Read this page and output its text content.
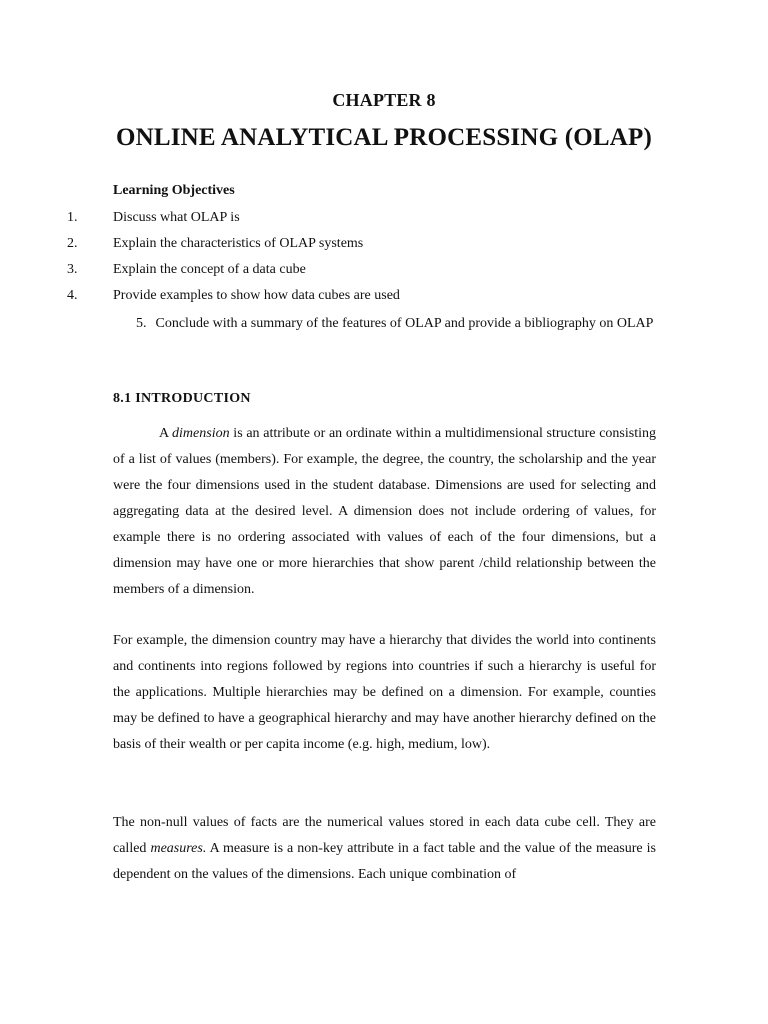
CHAPTER 8
ONLINE ANALYTICAL PROCESSING (OLAP)
Learning Objectives
1.	Discuss what OLAP is
2.	Explain the characteristics of OLAP systems
3.	Explain the concept of a data cube
4.	Provide examples to show how data cubes are used
5. Conclude with a summary of the features of OLAP and provide a bibliography on OLAP
8.1 INTRODUCTION
A dimension is an attribute or an ordinate within a multidimensional structure consisting of a list of values (members). For example, the degree, the country, the scholarship and the year were the four dimensions used in the student database. Dimensions are used for selecting and aggregating data at the desired level. A dimension does not include ordering of values, for example there is no ordering associated with values of each of the four dimensions, but a dimension may have one or more hierarchies that show parent /child relationship between the members of a dimension.
For example, the dimension country may have a hierarchy that divides the world into continents and continents into regions followed by regions into countries if such a hierarchy is useful for the applications. Multiple hierarchies may be defined on a dimension. For example, counties may be defined to have a geographical hierarchy and may have another hierarchy defined on the basis of their wealth or per capita income (e.g. high, medium, low).
The non-null values of facts are the numerical values stored in each data cube cell. They are called measures. A measure is a non-key attribute in a fact table and the value of the measure is dependent on the values of the dimensions. Each unique combination of
